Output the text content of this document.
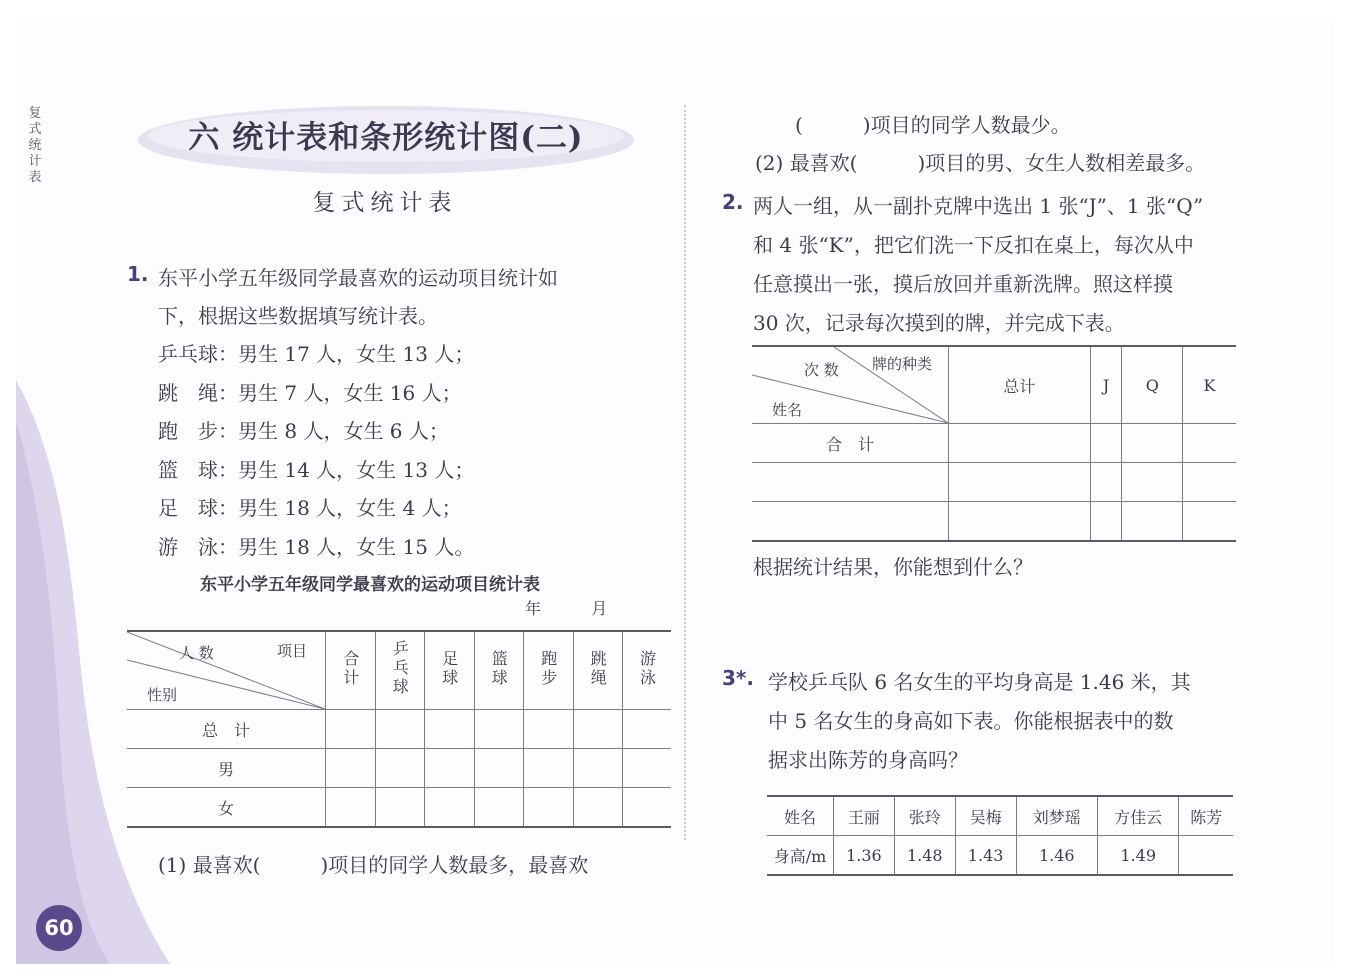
复式统计表
六 统计表和条形统计图(二)
复式统计表
1. 东平小学五年级同学最喜欢的运动项目统计如
下，根据这些数据填写统计表。
乒乓球：男生 17 人，女生 13 人；
跳　绳：男生 7 人，女生 16 人；
跑　步：男生 8 人，女生 6 人；
篮　球：男生 14 人，女生 13 人；
足　球：男生 18 人，女生 4 人；
游　泳：男生 18 人，女生 15 人。
东平小学五年级同学最喜欢的运动项目统计表
年	月
人 数 项目
性别	合计	乒乓球	足球	篮球	跑步	跳绳	游泳
总　计							
男							
女							
(1) 最喜欢(　　　)项目的同学人数最多，最喜欢
(　　　)项目的同学人数最少。
(2) 最喜欢(　　　)项目的男、女生人数相差最多。
2. 两人一组，从一副扑克牌中选出 1 张“J”、1 张“Q”
和 4 张“K”，把它们洗一下反扣在桌上，每次从中
任意摸出一张，摸后放回并重新洗牌。照这样摸
30 次，记录每次摸到的牌，并完成下表。
次 数 牌的种类
姓名	总计	J	Q	K
合　计				

根据统计结果，你能想到什么？
3*. 学校乒乓队 6 名女生的平均身高是 1.46 米，其
中 5 名女生的身高如下表。你能根据表中的数
据求出陈芳的身高吗？
姓名	王丽	张玲	吴梅	刘梦瑶	方佳云	陈芳
身高/m	1.36	1.48	1.43	1.46	1.49	
60
